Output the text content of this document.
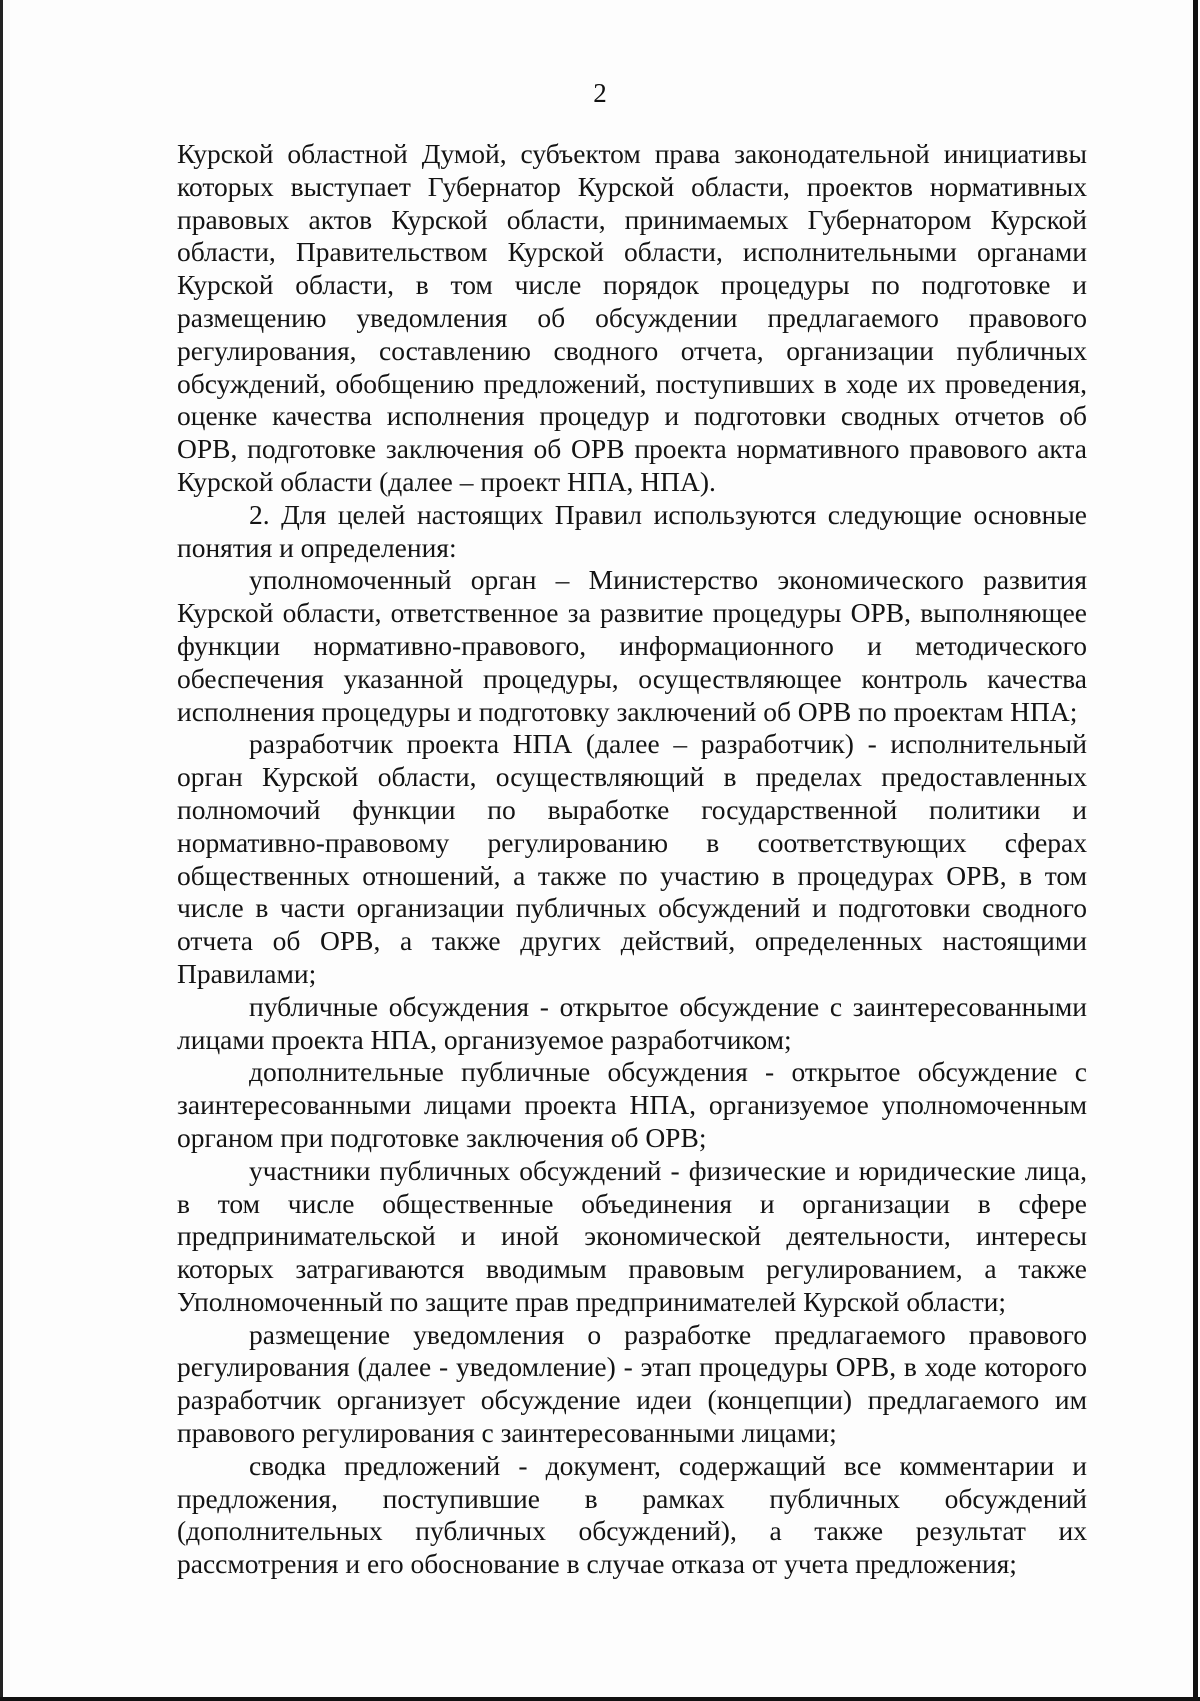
2

Курской областной Думой, субъектом права законодательной инициативы которых выступает Губернатор Курской области, проектов нормативных правовых актов Курской области, принимаемых Губернатором Курской области, Правительством Курской области, исполнительными органами Курской области, в том числе порядок процедуры по подготовке и размещению уведомления об обсуждении предлагаемого правового регулирования, составлению сводного отчета, организации публичных обсуждений, обобщению предложений, поступивших в ходе их проведения, оценке качества исполнения процедур и подготовки сводных отчетов об ОРВ, подготовке заключения об ОРВ проекта нормативного правового акта Курской области (далее – проект НПА, НПА).

2. Для целей настоящих Правил используются следующие основные понятия и определения:

уполномоченный орган – Министерство экономического развития Курской области, ответственное за развитие процедуры ОРВ, выполняющее функции нормативно-правового, информационного и методического обеспечения указанной процедуры, осуществляющее контроль качества исполнения процедуры и подготовку заключений об ОРВ по проектам НПА;

разработчик проекта НПА (далее – разработчик) - исполнительный орган Курской области, осуществляющий в пределах предоставленных полномочий функции по выработке государственной политики и нормативно-правовому регулированию в соответствующих сферах общественных отношений, а также по участию в процедурах ОРВ, в том числе в части организации публичных обсуждений и подготовки сводного отчета об ОРВ, а также других действий, определенных настоящими Правилами;

публичные обсуждения - открытое обсуждение с заинтересованными лицами проекта НПА, организуемое разработчиком;

дополнительные публичные обсуждения - открытое обсуждение с заинтересованными лицами проекта НПА, организуемое уполномоченным органом при подготовке заключения об ОРВ;

участники публичных обсуждений - физические и юридические лица, в том числе общественные объединения и организации в сфере предпринимательской и иной экономической деятельности, интересы которых затрагиваются вводимым правовым регулированием, а также Уполномоченный по защите прав предпринимателей Курской области;

размещение уведомления о разработке предлагаемого правового регулирования (далее - уведомление) - этап процедуры ОРВ, в ходе которого разработчик организует обсуждение идеи (концепции) предлагаемого им правового регулирования с заинтересованными лицами;

сводка предложений - документ, содержащий все комментарии и предложения, поступившие в рамках публичных обсуждений (дополнительных публичных обсуждений), а также результат их рассмотрения и его обоснование в случае отказа от учета предложения;
